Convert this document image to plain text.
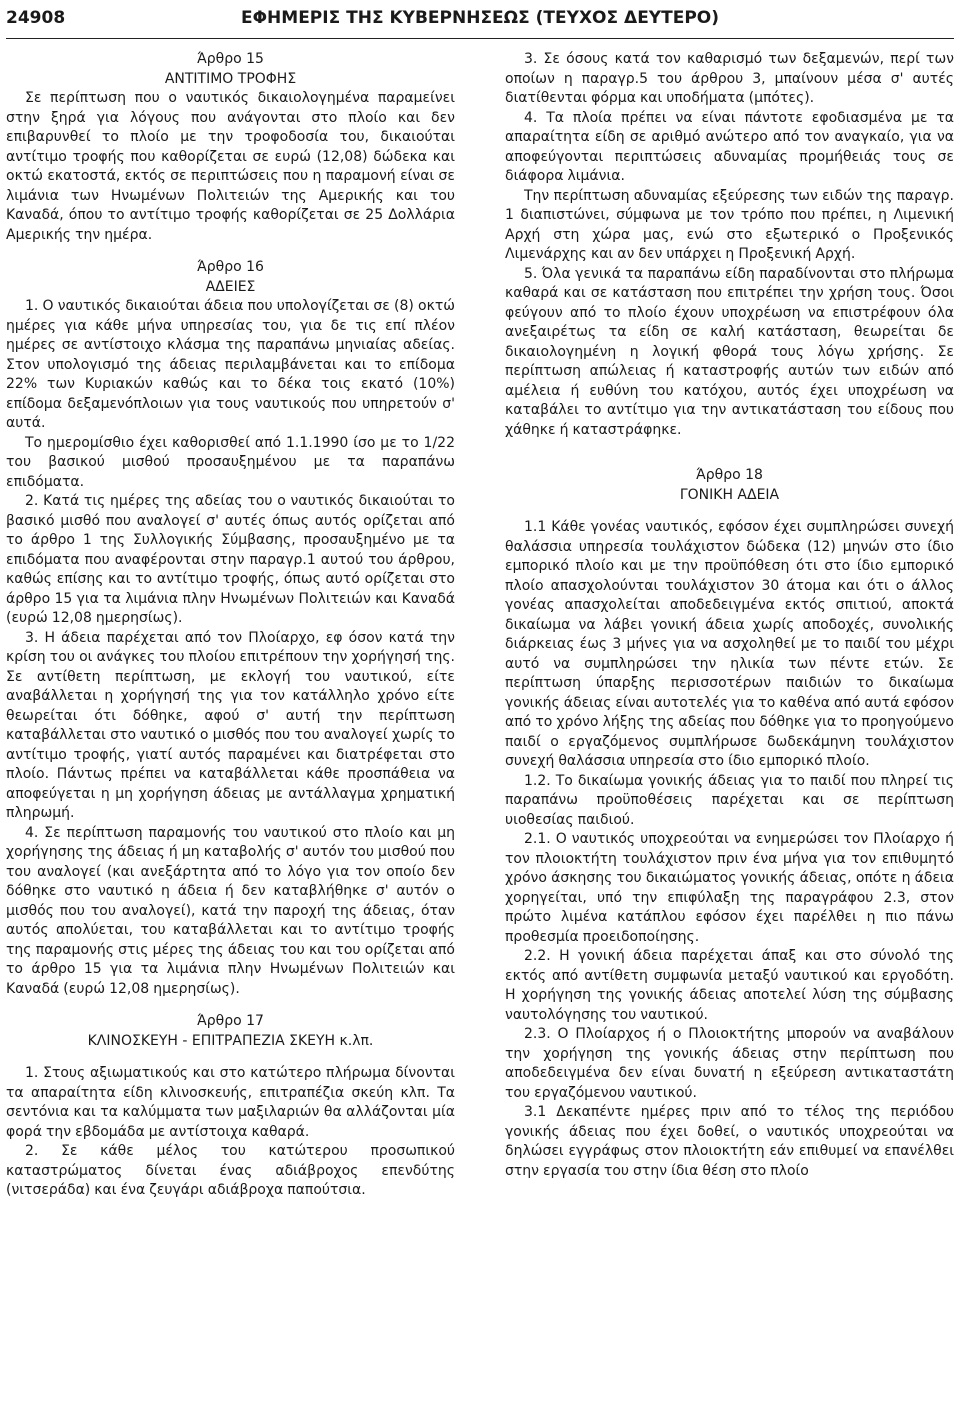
24908	ΕΦΗΜΕΡΙΣ ΤΗΣ ΚΥΒΕΡΝΗΣΕΩΣ (ΤΕΥΧΟΣ ΔΕΥΤΕΡΟ)

Άρθρο 15

ΑΝΤΙΤΙΜΟ ΤΡΟΦΗΣ

Σε περίπτωση που ο ναυτικός δικαιολογημένα παραμείνει στην ξηρά για λόγους που ανάγονται στο πλοίο και δεν επιβαρυνθεί το πλοίο με την τροφοδοσία του, δικαιούται αντίτιμο τροφής που καθορίζεται σε ευρώ (12,08) δώδεκα και οκτώ εκατοστά, εκτός σε περιπτώσεις που η παραμονή είναι σε λιμάνια των Ηνωμένων Πολιτειών της Αμερικής και του Καναδά, όπου το αντίτιμο τροφής καθορίζεται σε 25 Δολλάρια Αμερικής την ημέρα.

Άρθρο 16

ΑΔΕΙΕΣ

1. Ο ναυτικός δικαιούται άδεια που υπολογίζεται σε (8) οκτώ ημέρες για κάθε μήνα υπηρεσίας του, για δε τις επί πλέον ημέρες σε αντίστοιχο κλάσμα της παραπάνω μηνιαίας αδείας. Στον υπολογισμό της άδειας περιλαμβάνεται και το επίδομα 22% των Κυριακών καθώς και το δέκα τοις εκατό (10%) επίδομα δεξαμενόπλοιων για τους ναυτικούς που υπηρετούν σ' αυτά.

Το ημερομίσθιο έχει καθορισθεί από 1.1.1990 ίσο με το 1/22 του βασικού μισθού προσαυξημένου με τα παραπάνω επιδόματα.

2. Κατά τις ημέρες της αδείας του ο ναυτικός δικαιούται το βασικό μισθό που αναλογεί σ' αυτές όπως αυτός ορίζεται από το άρθρο 1 της Συλλογικής Σύμβασης, προσαυξημένο με τα επιδόματα που αναφέρονται στην παραγρ.1 αυτού του άρθρου, καθώς επίσης και το αντίτιμο τροφής, όπως αυτό ορίζεται στο άρθρο 15 για τα λιμάνια πλην Ηνωμένων Πολιτειών και Καναδά (ευρώ 12,08 ημερησίως).

3. Η άδεια παρέχεται από τον Πλοίαρχο, εφ όσον κατά την κρίση του οι ανάγκες του πλοίου επιτρέπουν την χορήγησή της. Σε αντίθετη περίπτωση, με εκλογή του ναυτικού, είτε αναβάλλεται η χορήγησή της για τον κατάλληλο χρόνο είτε θεωρείται ότι δόθηκε, αφού σ' αυτή την περίπτωση καταβάλλεται στο ναυτικό ο μισθός που του αναλογεί χωρίς το αντίτιμο τροφής, γιατί αυτός παραμένει και διατρέφεται στο πλοίο. Πάντως πρέπει να καταβάλλεται κάθε προσπάθεια να αποφεύγεται η μη χορήγηση άδειας με αντάλλαγμα χρηματική πληρωμή.

4. Σε περίπτωση παραμονής του ναυτικού στο πλοίο και μη χορήγησης της άδειας ή μη καταβολής σ' αυτόν του μισθού που του αναλογεί (και ανεξάρτητα από το λόγο για τον οποίο δεν δόθηκε στο ναυτικό η άδεια ή δεν καταβλήθηκε σ' αυτόν ο μισθός που του αναλογεί), κατά την παροχή της άδειας, όταν αυτός απολύεται, του καταβάλλεται και το αντίτιμο τροφής της παραμονής στις μέρες της άδειας του και του ορίζεται από το άρθρο 15 για τα λιμάνια πλην Ηνωμένων Πολιτειών και Καναδά (ευρώ 12,08 ημερησίως).

Άρθρο 17

ΚΛΙΝΟΣΚΕΥΗ - ΕΠΙΤΡΑΠΕΖΙΑ ΣΚΕΥΗ κ.λπ.

1. Στους αξιωματικούς και στο κατώτερο πλήρωμα δίνονται τα απαραίτητα είδη κλινοσκευής, επιτραπέζια σκεύη κλπ. Τα σεντόνια και τα καλύμματα των μαξιλαριών θα αλλάζονται μία φορά την εβδομάδα με αντίστοιχα καθαρά.

2. Σε κάθε μέλος του κατώτερου προσωπικού καταστρώματος δίνεται ένας αδιάβροχος επενδύτης (νιτσεράδα) και ένα ζευγάρι αδιάβροχα παπούτσια.

3. Σε όσους κατά τον καθαρισμό των δεξαμενών, περί των οποίων η παραγρ.5 του άρθρου 3, μπαίνουν μέσα σ' αυτές διατίθενται φόρμα και υποδήματα (μπότες).

4. Τα πλοία πρέπει να είναι πάντοτε εφοδιασμένα με τα απαραίτητα είδη σε αριθμό ανώτερο από τον αναγκαίο, για να αποφεύγονται περιπτώσεις αδυναμίας προμήθειάς τους σε διάφορα λιμάνια.

Την περίπτωση αδυναμίας εξεύρεσης των ειδών της παραγρ. 1 διαπιστώνει, σύμφωνα με τον τρόπο που πρέπει, η Λιμενική Αρχή στη χώρα μας, ενώ στο εξωτερικό ο Προξενικός Λιμενάρχης και αν δεν υπάρχει η Προξενική Αρχή.

5. Όλα γενικά τα παραπάνω είδη παραδίνονται στο πλήρωμα καθαρά και σε κατάσταση που επιτρέπει την χρήση τους. Όσοι φεύγουν από το πλοίο έχουν υποχρέωση να επιστρέφουν όλα ανεξαιρέτως τα είδη σε καλή κατάσταση, θεωρείται δε δικαιολογημένη η λογική φθορά τους λόγω χρήσης. Σε περίπτωση απώλειας ή καταστροφής αυτών των ειδών από αμέλεια ή ευθύνη του κατόχου, αυτός έχει υποχρέωση να καταβάλει το αντίτιμο για την αντικατάσταση του είδους που χάθηκε ή καταστράφηκε.

Άρθρο 18

ΓΟΝΙΚΗ ΑΔΕΙΑ

1.1 Κάθε γονέας ναυτικός, εφόσον έχει συμπληρώσει συνεχή θαλάσσια υπηρεσία τουλάχιστον δώδεκα (12) μηνών στο ίδιο εμπορικό πλοίο και με την προϋπόθεση ότι στο ίδιο εμπορικό πλοίο απασχολούνται τουλάχιστον 30 άτομα και ότι ο άλλος γονέας απασχολείται αποδεδειγμένα εκτός σπιτιού, αποκτά δικαίωμα να λάβει γονική άδεια χωρίς αποδοχές, συνολικής διάρκειας έως 3 μήνες για να ασχοληθεί με το παιδί του μέχρι αυτό να συμπληρώσει την ηλικία των πέντε ετών. Σε περίπτωση ύπαρξης περισσοτέρων παιδιών το δικαίωμα γονικής άδειας είναι αυτοτελές για το καθένα από αυτά εφόσον από το χρόνο λήξης της αδείας που δόθηκε για το προηγούμενο παιδί ο εργαζόμενος συμπλήρωσε δωδεκάμηνη τουλάχιστον συνεχή θαλάσσια υπηρεσία στο ίδιο εμπορικό πλοίο.

1.2. Το δικαίωμα γονικής άδειας για το παιδί που πληρεί τις παραπάνω προϋποθέσεις παρέχεται και σε περίπτωση υιοθεσίας παιδιού.

2.1. Ο ναυτικός υποχρεούται να ενημερώσει τον Πλοίαρχο ή τον πλοιοκτήτη τουλάχιστον πριν ένα μήνα για τον επιθυμητό χρόνο άσκησης του δικαιώματος γονικής άδειας, οπότε η άδεια χορηγείται, υπό την επιφύλαξη της παραγράφου 2.3, στον πρώτο λιμένα κατάπλου εφόσον έχει παρέλθει η πιο πάνω προθεσμία προειδοποίησης.

2.2. Η γονική άδεια παρέχεται άπαξ και στο σύνολό της εκτός από αντίθετη συμφωνία μεταξύ ναυτικού και εργοδότη. Η χορήγηση της γονικής άδειας αποτελεί λύση της σύμβασης ναυτολόγησης του ναυτικού.

2.3. Ο Πλοίαρχος ή ο Πλοιοκτήτης μπορούν να αναβάλουν την χορήγηση της γονικής άδειας στην περίπτωση που αποδεδειγμένα δεν είναι δυνατή η εξεύρεση αντικαταστάτη του εργαζόμενου ναυτικού.

3.1 Δεκαπέντε ημέρες πριν από το τέλος της περιόδου γονικής άδειας που έχει δοθεί, ο ναυτικός υποχρεούται να δηλώσει εγγράφως στον πλοιοκτήτη εάν επιθυμεί να επανέλθει στην εργασία του στην ίδια θέση στο πλοίο
